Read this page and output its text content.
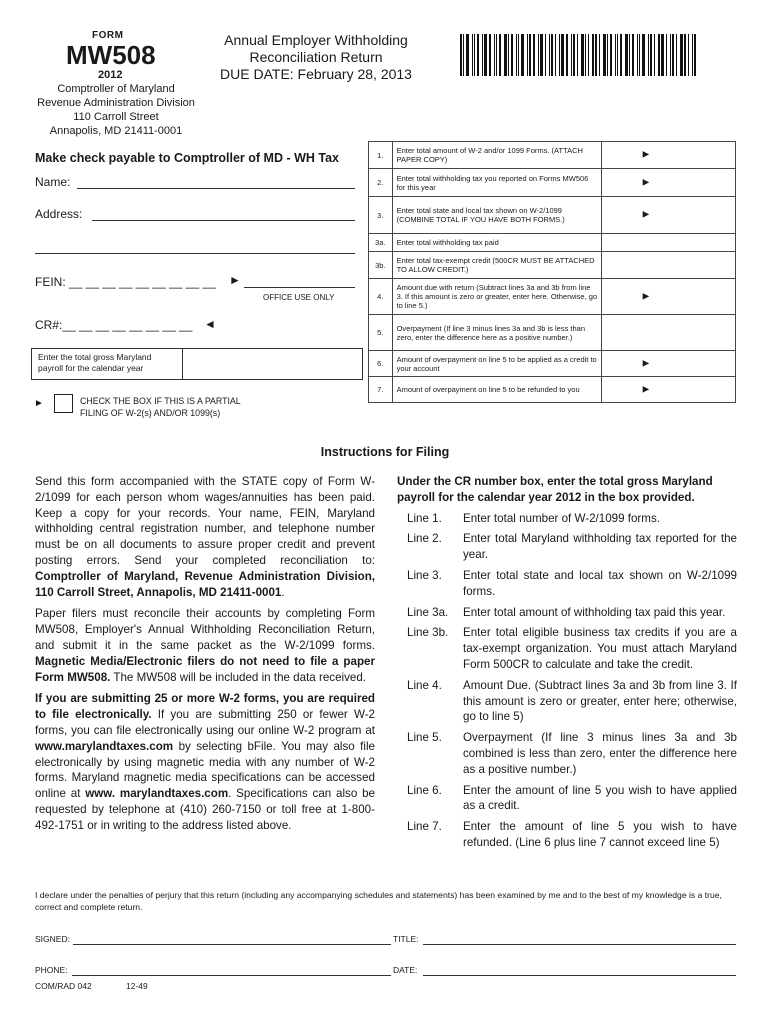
FORM
MW508
2012
Comptroller of Maryland
Revenue Administration Division
110 Carroll Street
Annapolis, MD 21411-0001
Annual Employer Withholding
Reconciliation Return
DUE DATE: February 28, 2013
Make check payable to Comptroller of MD - WH Tax
Name:
Address:
FEIN: __ __ __ __ __ __ __ __ __ ►
OFFICE USE ONLY
CR#:__ __ __ __ __ __ __ __ ◄
Enter the total gross Maryland payroll for the calendar year
►	CHECK THE BOX IF THIS IS A PARTIAL
FILING OF W-2(s) AND/OR 1099(s)
1.	Enter total amount of W-2 and/or 1099 Forms. (ATTACH PAPER COPY) ►	

2.	Enter total withholding tax you reported on Forms MW506 for this year ►	

3.	Enter total state and local tax shown on W-2/1099 (COMBINE TOTAL IF YOU HAVE BOTH FORMS.) ►	

3a.	Enter total withholding tax paid

3b.	Enter total tax-exempt credit (500CR MUST BE ATTACHED TO ALLOW CREDIT.)

4.	Amount due with return (Subtract lines 3a and 3b from line 3. If this amount is zero or greater, enter here. Otherwise, go to line 5.)
►	

5.	Overpayment (If line 3 minus lines 3a and 3b is less than zero, enter the difference here as a positive number.)

6.	Amount of overpayment on line 5 to be applied as a credit to your account ►	

7.	Amount of overpayment on line 5 to be refunded to you ►	

Instructions for Filing

Send this form accompanied with the STATE copy of Form W-2/1099 for each person whom wages/annuities has been paid. Keep a copy for your records. Your name, FEIN, Maryland withholding central registration number, and telephone number must be on all documents to assure proper credit and prevent posting errors. Send your completed reconciliation to: Comptroller of Maryland, Revenue Administration Division, 110 Carroll Street, Annapolis, MD 21411-0001.

Paper filers must reconcile their accounts by completing Form MW508, Employer's Annual Withholding Reconciliation Return, and submit it in the same packet as the W-2/1099 forms. Magnetic Media/Electronic filers do not need to file a paper Form MW508. The MW508 will be included in the data received.

If you are submitting 25 or more W-2 forms, you are required to file electronically. If you are submitting 250 or fewer W-2 forms, you can file electronically using our online W-2 program at www.marylandtaxes.com by selecting bFile. You may also file electronically by using magnetic media with any number of W-2 forms. Maryland magnetic media specifications can be accessed online at www. marylandtaxes.com. Specifications can also be requested by telephone at (410) 260-7150 or toll free at 1-800-492-1751 or in writing to the address listed above.

Under the CR number box, enter the total gross Maryland payroll for the calendar year 2012 in the box provided.
Line 1.	Enter total number of W-2/1099 forms.
Line 2.	Enter total Maryland withholding tax reported for the year.
Line 3.	Enter total state and local tax shown on W-2/1099 forms.
Line 3a.	Enter total amount of withholding tax paid this year.
Line 3b.	Enter total eligible business tax credits if you are a tax-exempt organization. You must attach Maryland Form 500CR to calculate and take the credit.
Line 4.	Amount Due. (Subtract lines 3a and 3b from line 3. If this amount is zero or greater, enter here; otherwise, go to line 5)
Line 5.	Overpayment (If line 3 minus lines 3a and 3b combined is less than zero, enter the difference here as a positive number.)
Line 6.	Enter the amount of line 5 you wish to have applied as a credit.
Line 7.	Enter the amount of line 5 you wish to have refunded. (Line 6 plus line 7 cannot exceed line 5)
I declare under the penalties of perjury that this return (including any accompanying schedules and statements) has been examined by me and to the best of my knowledge is a true, correct and complete return.
SIGNED:	TITLE:
PHONE:	DATE:
COM/RAD 042	12-49
